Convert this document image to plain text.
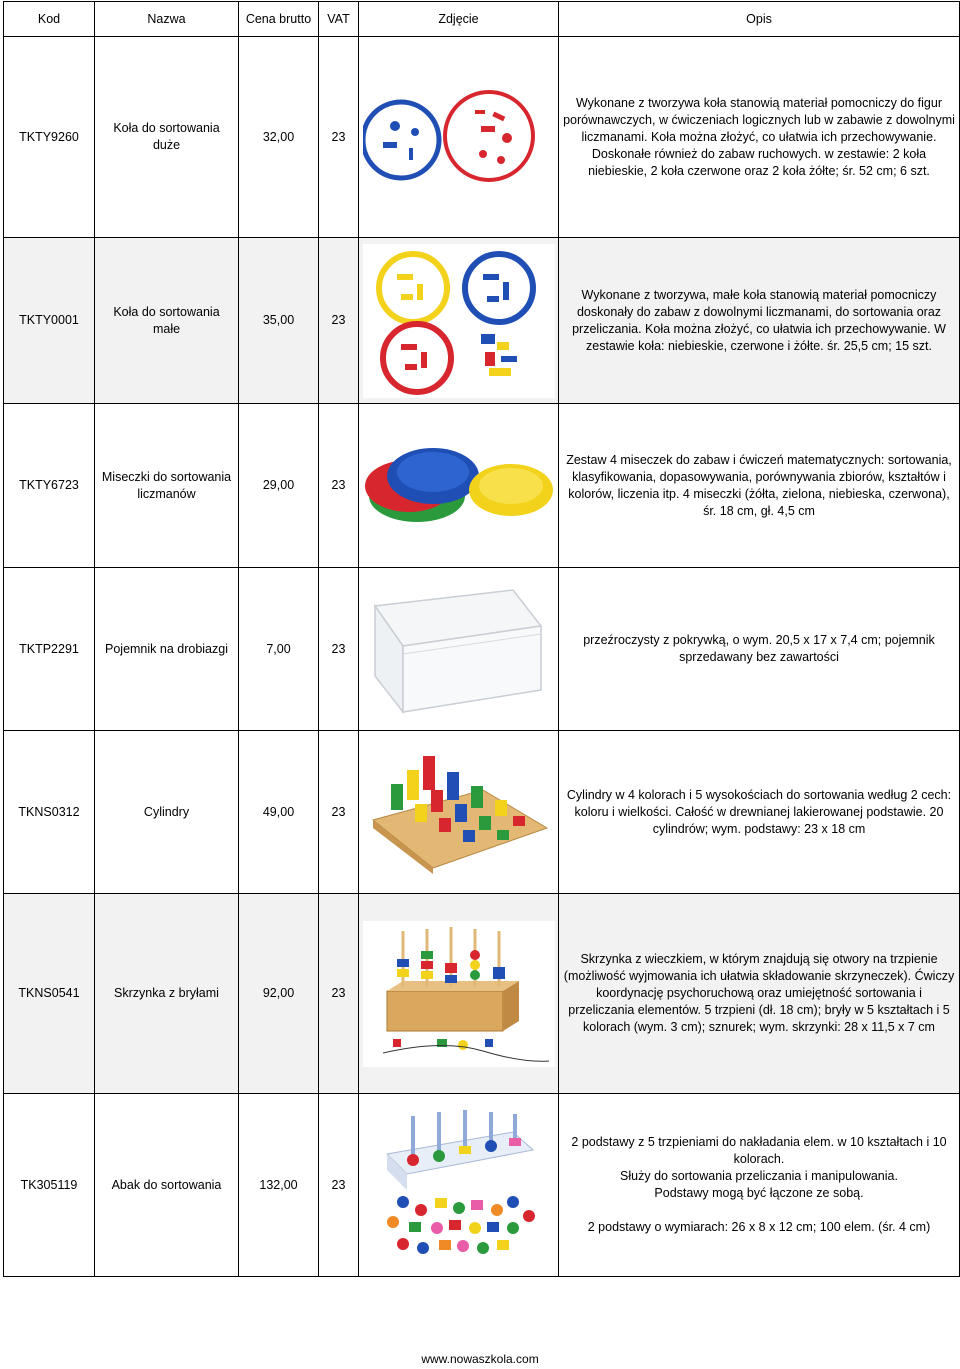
Kod	Nazwa	Cena brutto	VAT	Zdjęcie	Opis
TKTY9260	Koła do sortowania duże	32,00	23		Wykonane z tworzywa koła stanowią materiał pomocniczy do figur porównawczych, w ćwiczeniach logicznych lub w zabawie z dowolnymi liczmanami. Koła można złożyć, co ułatwia ich przechowywanie. Doskonałe również do zabaw ruchowych. w zestawie: 2 koła niebieskie, 2 koła czerwone oraz 2 koła żółte; śr. 52 cm; 6 szt.
TKTY0001	Koła do sortowania małe	35,00	23		Wykonane z tworzywa, małe koła stanowią materiał pomocniczy doskonały do zabaw z dowolnymi liczmanami, do sortowania oraz przeliczania. Koła można złożyć, co ułatwia ich przechowywanie. W zestawie koła: niebieskie, czerwone i żółte. śr. 25,5 cm; 15 szt.
TKTY6723	Miseczki do sortowania liczmanów	29,00	23		Zestaw 4 miseczek do zabaw i ćwiczeń matematycznych: sortowania, klasyfikowania, dopasowywania, porównywania zbiorów, kształtów i kolorów, liczenia itp. 4 miseczki (żółta, zielona, niebieska, czerwona), śr. 18 cm, gł. 4,5 cm
TKTP2291	Pojemnik na drobiazgi	7,00	23		przeźroczysty z pokrywką, o wym. 20,5 x 17 x 7,4 cm; pojemnik sprzedawany bez zawartości
TKNS0312	Cylindry	49,00	23		Cylindry w 4 kolorach i 5 wysokościach do sortowania według 2 cech: koloru i wielkości. Całość w drewnianej lakierowanej podstawie. 20 cylindrów; wym. podstawy: 23 x 18 cm
TKNS0541	Skrzynka z bryłami	92,00	23		Skrzynka z wieczkiem, w którym znajdują się otwory na trzpienie (możliwość wyjmowania ich ułatwia składowanie skrzyneczek). Ćwiczy koordynację psychoruchową oraz umiejętność sortowania i przeliczania elementów. 5 trzpieni (dł. 18 cm); bryły w 5 kształtach i 5 kolorach (wym. 3 cm); sznurek; wym. skrzynki: 28 x 11,5 x 7 cm
TK305119	Abak do sortowania	132,00	23		2 podstawy z 5 trzpieniami do nakładania elem. w 10 kształtach i 10 kolorach.

Służy do sortowania przeliczania i manipulowania.

Podstawy mogą być łączone ze sobą.

2 podstawy o wymiarach: 26 x 8 x 12 cm; 100 elem. (śr. 4 cm)

www.nowaszkola.com
